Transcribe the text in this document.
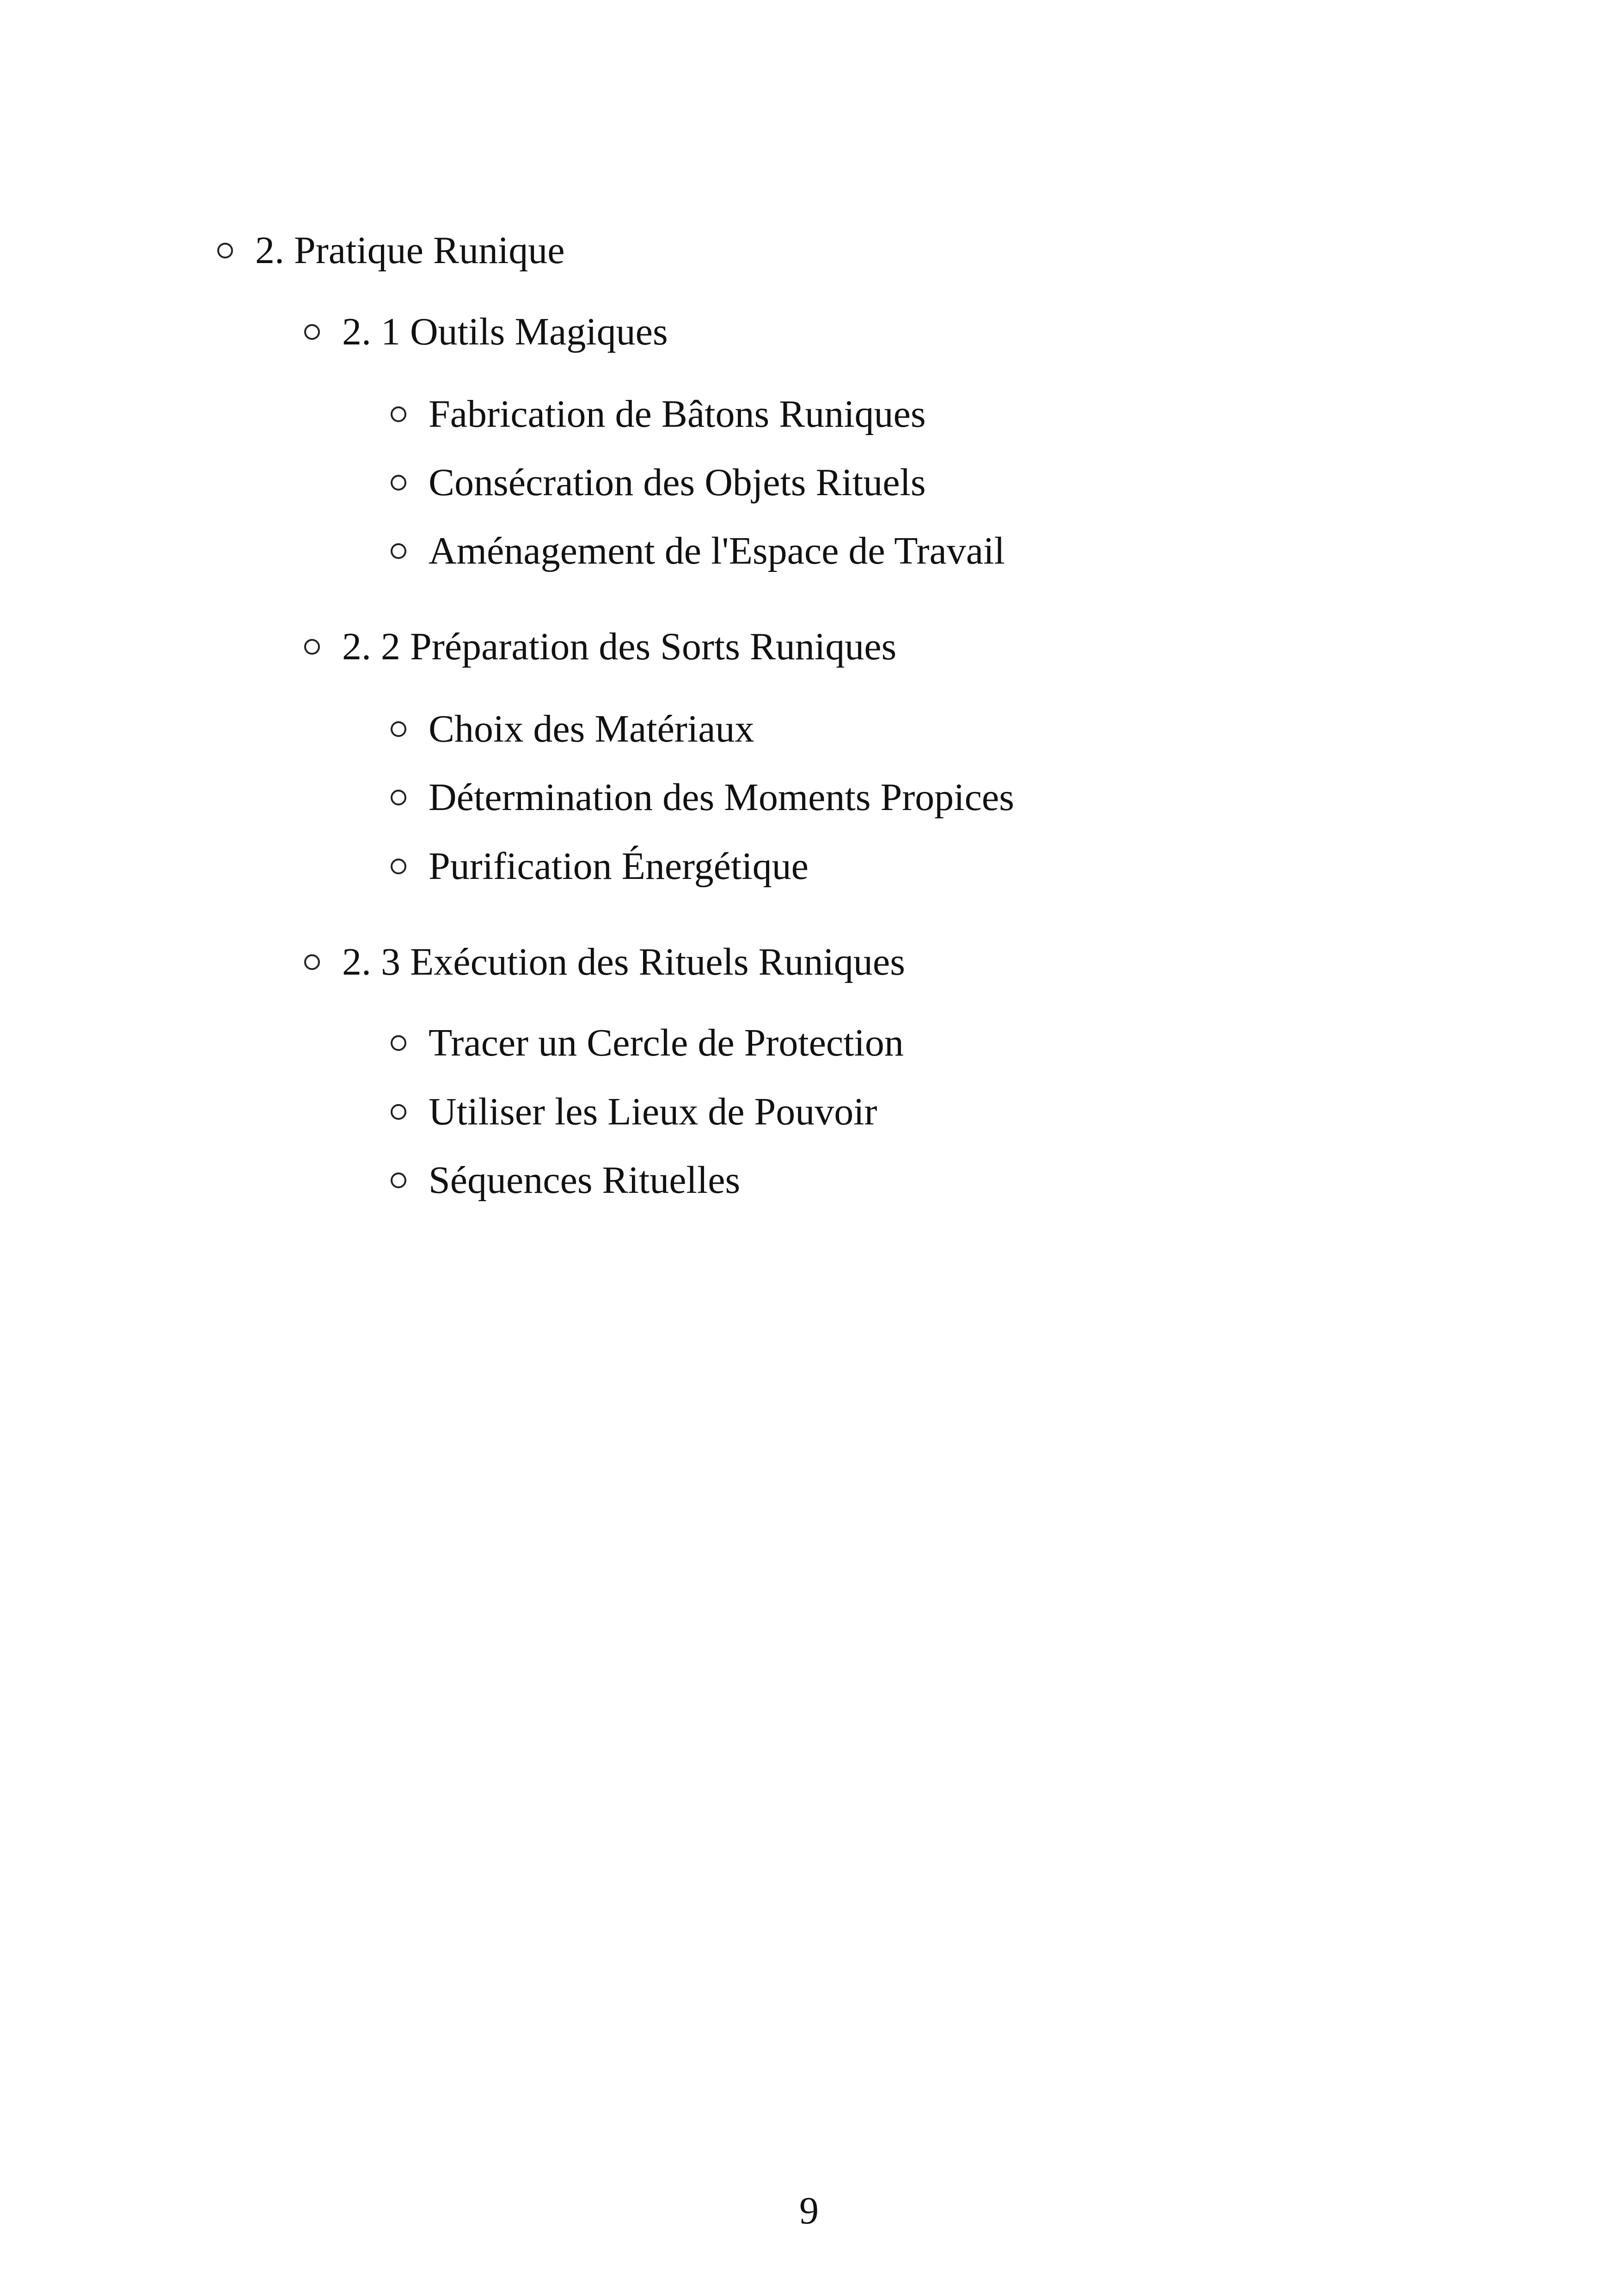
2. Pratique Runique
2. 1 Outils Magiques
Fabrication de Bâtons Runiques
Consécration des Objets Rituels
Aménagement de l'Espace de Travail
2. 2 Préparation des Sorts Runiques
Choix des Matériaux
Détermination des Moments Propices
Purification Énergétique
2. 3 Exécution des Rituels Runiques
Tracer un Cercle de Protection
Utiliser les Lieux de Pouvoir
Séquences Rituelles
9
